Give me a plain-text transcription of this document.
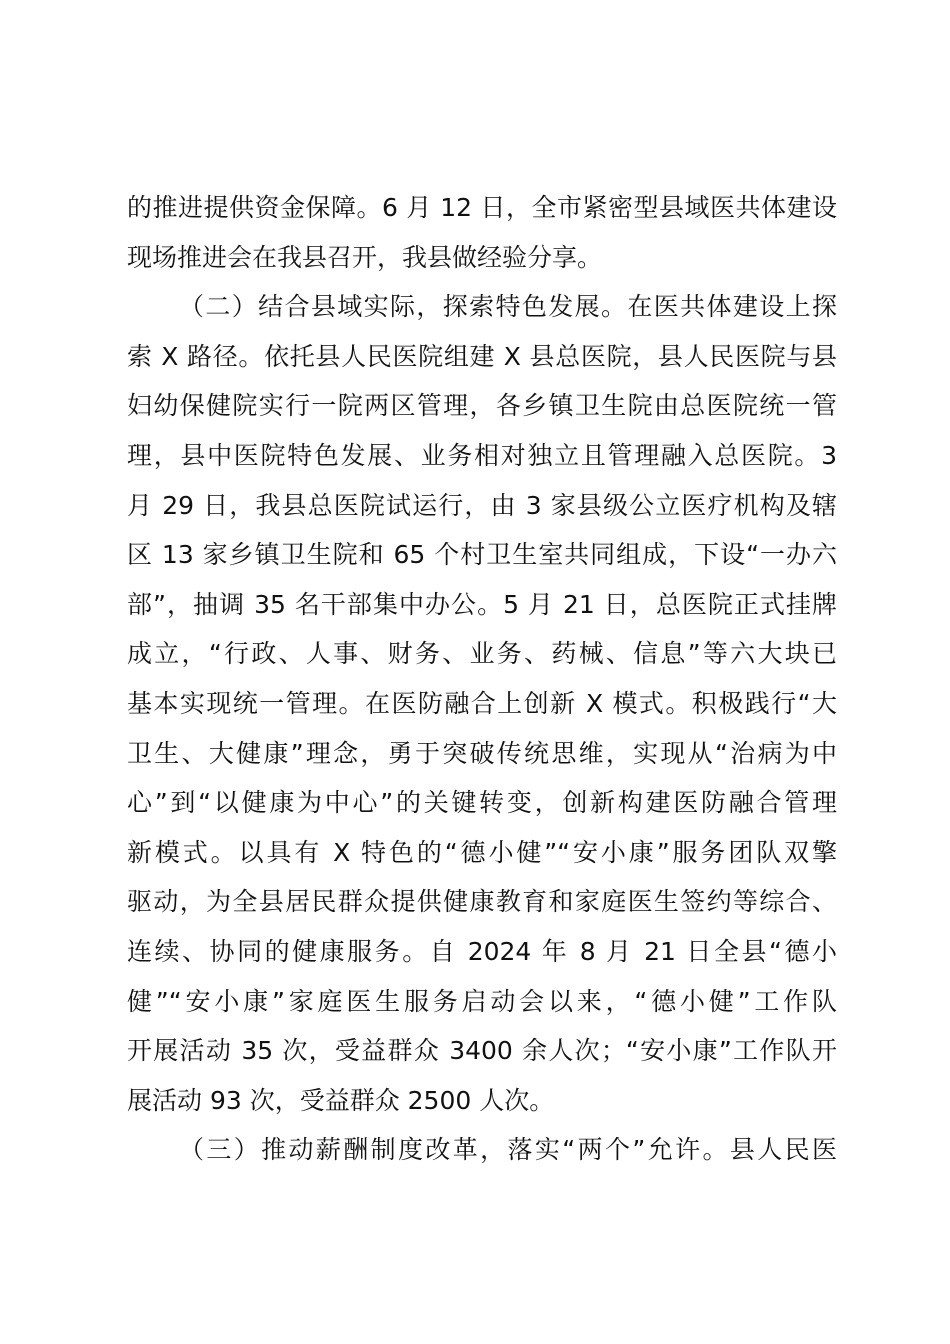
的推进提供资金保障。6 月 12 日，全市紧密型县域医共体建设
现场推进会在我县召开，我县做经验分享。
（二）结合县域实际，探索特色发展。在医共体建设上探
索 X 路径。依托县人民医院组建 X 县总医院，县人民医院与县
妇幼保健院实行一院两区管理，各乡镇卫生院由总医院统一管
理，县中医院特色发展、业务相对独立且管理融入总医院。3
月 29 日，我县总医院试运行，由 3 家县级公立医疗机构及辖
区 13 家乡镇卫生院和 65 个村卫生室共同组成，下设“一办六
部”，抽调 35 名干部集中办公。5 月 21 日，总医院正式挂牌
成立，“行政、人事、财务、业务、药械、信息”等六大块已
基本实现统一管理。在医防融合上创新 X 模式。积极践行“大
卫生、大健康”理念，勇于突破传统思维，实现从“治病为中
心”到“以健康为中心”的关键转变，创新构建医防融合管理
新模式。以具有 X 特色的“德小健”“安小康”服务团队双擎
驱动，为全县居民群众提供健康教育和家庭医生签约等综合、
连续、协同的健康服务。自 2024 年 8 月 21 日全县“德小
健”“安小康”家庭医生服务启动会以来，“德小健”工作队
开展活动 35 次，受益群众 3400 余人次；“安小康”工作队开
展活动 93 次，受益群众 2500 人次。
（三）推动薪酬制度改革，落实“两个”允许。县人民医
